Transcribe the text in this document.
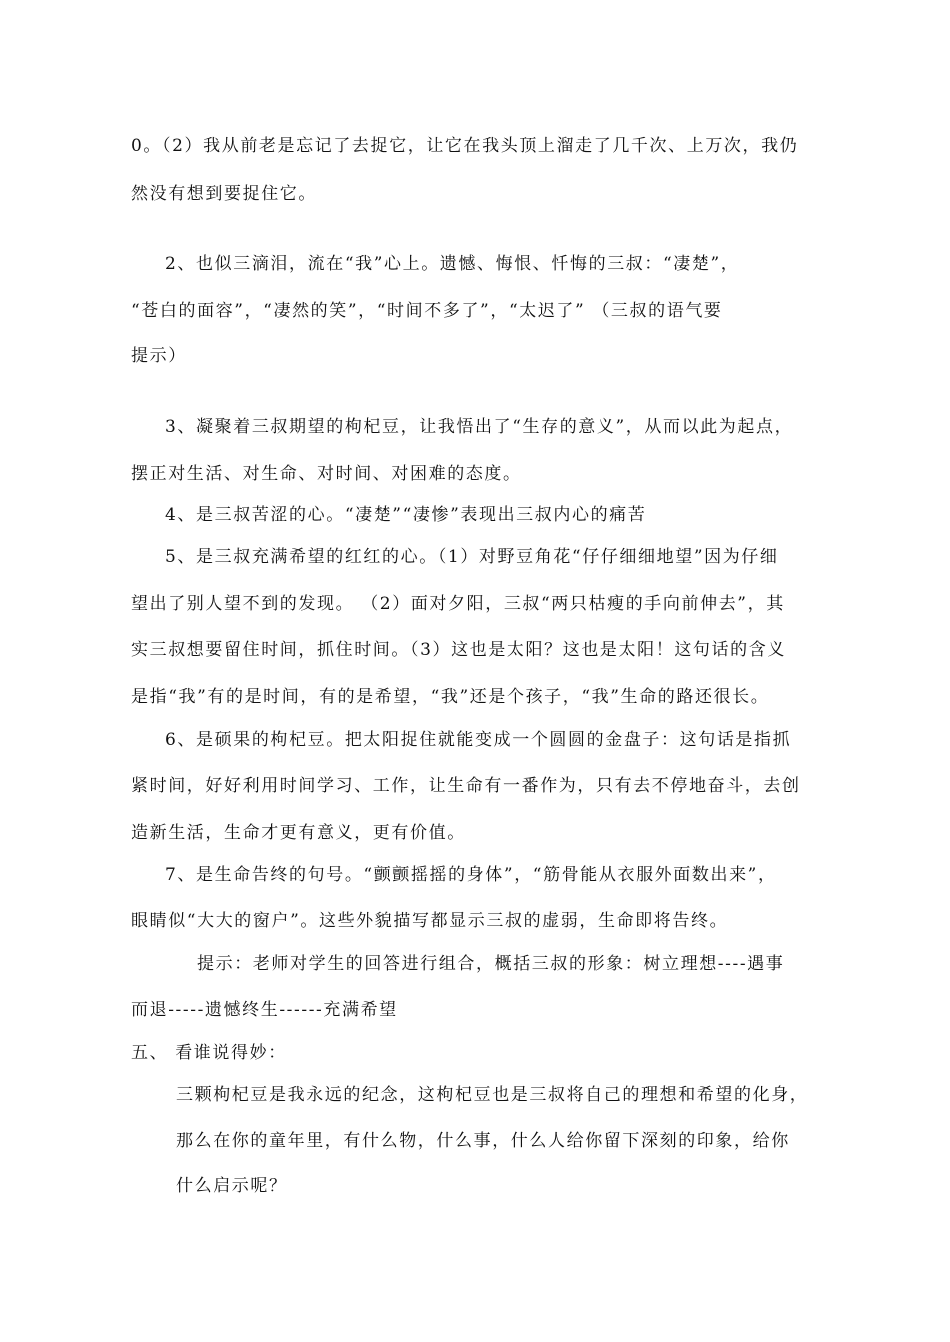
0。（2）我从前老是忘记了去捉它，让它在我头顶上溜走了几千次、上万次，我仍
然没有想到要捉住它。
2、也似三滴泪，流在“我”心上。遗憾、悔恨、忏悔的三叔：“凄楚”，
“苍白的面容”，“凄然的笑”，“时间不多了”，“太迟了” （三叔的语气要
提示）
3、凝聚着三叔期望的枸杞豆，让我悟出了“生存的意义”，从而以此为起点，
摆正对生活、对生命、对时间、对困难的态度。
4、是三叔苦涩的心。“凄楚”“凄惨”表现出三叔内心的痛苦
5、是三叔充满希望的红红的心。（1）对野豆角花“仔仔细细地望”因为仔细
望出了别人望不到的发现。 （2）面对夕阳，三叔“两只枯瘦的手向前伸去”，其
实三叔想要留住时间，抓住时间。（3）这也是太阳？这也是太阳！这句话的含义
是指“我”有的是时间，有的是希望，“我”还是个孩子，“我”生命的路还很长。
6、是硕果的枸杞豆。把太阳捉住就能变成一个圆圆的金盘子：这句话是指抓
紧时间，好好利用时间学习、工作，让生命有一番作为，只有去不停地奋斗，去创
造新生活，生命才更有意义，更有价值。
7、是生命告终的句号。“颤颤摇摇的身体”，“筋骨能从衣服外面数出来”，
眼睛似“大大的窗户”。这些外貌描写都显示三叔的虚弱，生命即将告终。
提示：老师对学生的回答进行组合，概括三叔的形象：树立理想----遇事
而退-----遗憾终生------充满希望
五、 看谁说得妙：
三颗枸杞豆是我永远的纪念，这枸杞豆也是三叔将自己的理想和希望的化身，
那么在你的童年里，有什么物，什么事，什么人给你留下深刻的印象，给你
什么启示呢？
